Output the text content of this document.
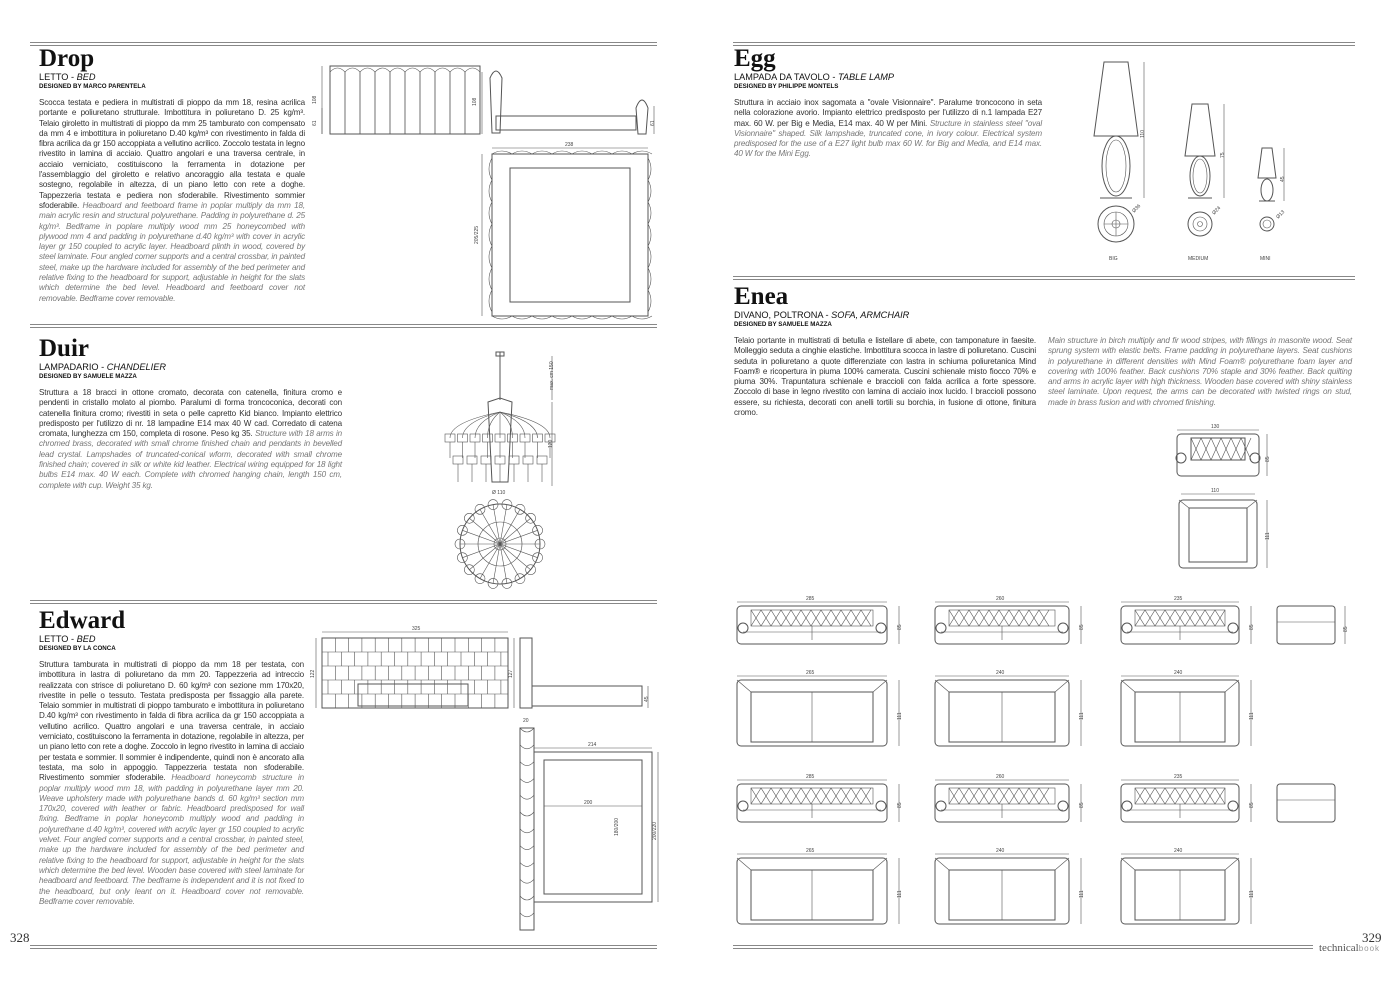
Drop
LETTO - BED
DESIGNED BY MARCO PARENTELA
Scocca testata e pediera in multistrati di pioppo da mm 18, resina acrilica portante e poliuretano strutturale. Imbottitura in poliuretano D. 25 kg/m³. Telaio giroletto in multistrati di pioppo da mm 25 tamburato con compensato da mm 4 e imbottitura in poliuretano D.40 kg/m³ con rivestimento in falda di fibra acrilica da gr 150 accoppiata a vellutino acrilico. Zoccolo testata in legno rivestito in lamina di acciaio. Quattro angolari e una traversa centrale, in acciaio verniciato, costituiscono la ferramenta in dotazione per l'assemblaggio del giroletto e relativo ancoraggio alla testata e quale sostegno, regolabile in altezza, di un piano letto con rete a doghe. Tappezzeria testata e pediera non sfoderabile. Rivestimento sommier sfoderabile. Headboard and feetboard frame in poplar multiply da mm 18, main acrylic resin and structural polyurethane. Padding in polyurethane d. 25 kg/m³. Bedframe in poplare multiply wood mm 25 honeycombed with plywood mm 4 and padding in polyurethane d.40 kg/m³ with cover in acrylic layer gr 150 coupled to acrylic layer. Headboard plinth in wood, covered by steel laminate. Four angled corner supports and a central crossbar, in painted steel, make up the hardware included for assembly of the bed perimeter and relative fixing to the headboard for support, adjustable in height for the slats which determine the bed level. Headboard and feetboard cover not removable. Bedframe cover removable.
108
61
108
61
238
205/225
Duir
LAMPADARIO - CHANDELIER
DESIGNED BY SAMUELE MAZZA
Struttura a 18 bracci in ottone cromato, decorata con catenella, finitura cromo e pendenti in cristallo molato al piombo. Paralumi di forma troncoconica, decorati con catenella finitura cromo; rivestiti in seta o pelle capretto Kid bianco. Impianto elettrico predisposto per l'utilizzo di nr. 18 lampadine E14 max 40 W cad. Corredato di catena cromata, lunghezza cm 150, completa di rosone. Peso kg 35. Structure with 18 arms in chromed brass, decorated with small chrome finished chain and pendants in bevelled lead crystal. Lampshades of truncated-conical wform, decorated with small chrome finished chain; covered in silk or white kid leather. Electrical wiring equipped for 18 light bulbs E14 max. 40 W each. Complete with chromed hanging chain, length 150 cm, complete with cup. Weight 35 kg.
max. cm 150
120
Ø 110
Edward
LETTO - BED
DESIGNED BY LA CONCA
Struttura tamburata in multistrati di pioppo da mm 18 per testata, con imbottitura in lastra di poliuretano da mm 20. Tappezzeria ad intreccio realizzata con strisce di poliuretano D. 60 kg/m³ con sezione mm 170x20, rivestite in pelle o tessuto. Testata predisposta per fissaggio alla parete. Telaio sommier in multistrati di pioppo tamburato e imbottitura in poliuretano D.40 kg/m³ con rivestimento in falda di fibra acrilica da gr 150 accoppiata a vellutino acrilico. Quattro angolari e una traversa centrale, in acciaio verniciato, costituiscono la ferramenta in dotazione, regolabile in altezza, per un piano letto con rete a doghe. Zoccolo in legno rivestito in lamina di acciaio per testata e sommier. Il sommier è indipendente, quindi non è ancorato alla testata, ma solo in appoggio. Tappezzeria testata non sfoderabile. Rivestimento sommier sfoderabile. Headboard honeycomb structure in poplar multiply wood mm 18, with padding in polyurethane layer mm 20. Weave upholstery made with polyurethane bands d. 60 kg/m³ section mm 170x20, covered with leather or fabric. Headboard predisposed for wall fixing. Bedframe in poplar honeycomb multiply wood and padding in polyurethane d.40 kg/m³, covered with acrylic layer gr 150 coupled to acrylic velvet. Four angled corner supports and a central crossbar, in painted steel, make up the hardware included for assembly of the bed perimeter and relative fixing to the headboard for support, adjustable in height for the slats which determine the bed level. Wooden base covered with steel laminate for headboard and feetboard. The bedframe is independent and it is not fixed to the headboard, but only leant on it. Headboard cover not removable. Bedframe cover removable.
325
122	127
45
20
214
200
180/200	200/220
328
Egg
LAMPADA DA TAVOLO - TABLE LAMP
DESIGNED BY PHILIPPE MONTELS
Struttura in acciaio inox sagomata a "ovale Visionnaire". Paralume troncocono in seta nella colorazione avorio. Impianto elettrico predisposto per l'utilizzo di n.1 lampada E27 max. 60 W. per Big e Media, E14 max. 40 W per Mini. Structure in stainless steel "oval Visionnaire" shaped. Silk lampshade, truncated cone, in ivory colour. Electrical system predisposed for the use of a E27 light bulb max 60 W. for Big and Media, and E14 max. 40 W for the Mini Egg.
110
Ø36
BIG
75
Ø24
MEDIUM
45
Ø13
MINI
Enea
DIVANO, POLTRONA - SOFA, ARMCHAIR
DESIGNED BY SAMUELE MAZZA
Telaio portante in multistrati di betulla e listellare di abete, con tamponature in faesite. Molleggio seduta a cinghie elastiche. Imbottitura scocca in lastre di poliuretano. Cuscini seduta in poliuretano a quote differenziate con lastra in schiuma poliuretanica Mind Foam® e ricopertura in piuma 100% camerata. Cuscini schienale misto fiocco 70% e piuma 30%. Trapuntatura schienale e braccioli con falda acrilica a forte spessore. Zoccolo di base in legno rivestito con lamina di acciaio inox lucido. I braccioli possono essere, su richiesta, decorati con anelli tortili su borchia, in fusione di ottone, finitura cromo.
Main structure in birch multiply and fir wood stripes, with fillings in masonite wood. Seat sprung system with elastic belts. Frame padding in polyurethane layers. Seat cushions in polyurethane in different densities with Mind Foam® polyurethane foam layer and covering with 100% feather. Back cushions 70% staple and 30% feather. Back quilting and arms in acrylic layer with high thickness. Wooden base covered with shiny stainless steel laminate. Upon request, the arms can be decorated with twisted rings on stud, made in brass fusion and with chromed finishing.
130
85
110
111
285
85
265
111
285
85
265
111
260
85
240
111
260
85
240
111
235
85
240
111
235
85
240
111
85
329
technicalbook
